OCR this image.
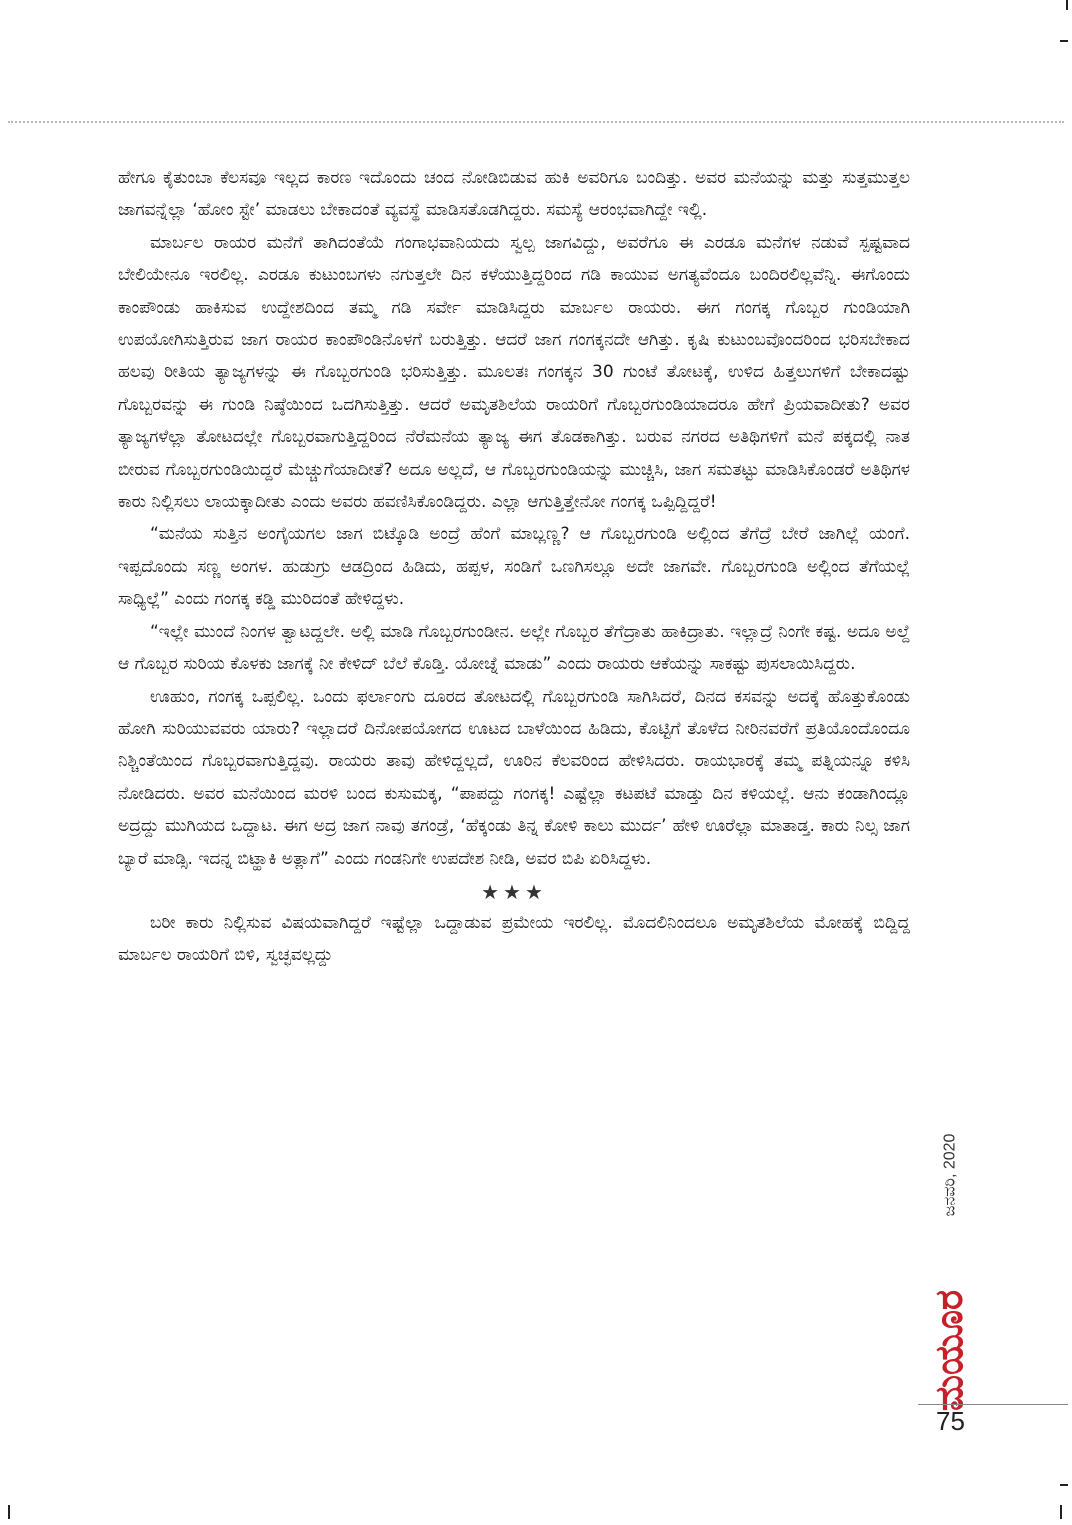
ಹೇಗೂ ಕೈತುಂಬಾ ಕೆಲಸವೂ ಇಲ್ಲದ ಕಾರಣ ಇದೊಂದು ಚಂದ ನೋಡಿಬಿಡುವ ಹುಕಿ ಅವರಿಗೂ ಬಂದಿತ್ತು. ಅವರ ಮನೆಯನ್ನು ಮತ್ತು ಸುತ್ತಮುತ್ತಲ ಜಾಗವನ್ನೆಲ್ಲಾ ‘ಹೋಂ ಸ್ಟೇ’ ಮಾಡಲು ಬೇಕಾದಂತೆ ವ್ಯವಸ್ಥೆ ಮಾಡಿಸತೊಡಗಿದ್ದರು. ಸಮಸ್ಯೆ ಆರಂಭವಾಗಿದ್ದೇ ಇಲ್ಲಿ.

ಮಾರ್ಬಲ ರಾಯರ ಮನೆಗೆ ತಾಗಿದಂತೆಯೆ ಗಂಗಾಭವಾನಿಯದು ಸ್ವಲ್ಪ ಜಾಗವಿದ್ದು, ಅವರೆಗೂ ಈ ಎರಡೂ ಮನೆಗಳ ನಡುವೆ ಸ್ಪಷ್ಟವಾದ ಬೇಲಿಯೇನೂ ಇರಲಿಲ್ಲ. ಎರಡೂ ಕುಟುಂಬಗಳು ನಗುತ್ತಲೇ ದಿನ ಕಳೆಯುತ್ತಿದ್ದರಿಂದ ಗಡಿ ಕಾಯುವ ಅಗತ್ಯವೆಂದೂ ಬಂದಿರಲಿಲ್ಲವೆನ್ನಿ. ಈಗೊಂದು ಕಾಂಪೌಂಡು ಹಾಕಿಸುವ ಉದ್ದೇಶದಿಂದ ತಮ್ಮ ಗಡಿ ಸರ್ವೇ ಮಾಡಿಸಿದ್ದರು ಮಾರ್ಬಲ ರಾಯರು. ಈಗ ಗಂಗಕ್ಕ ಗೊಬ್ಬರ ಗುಂಡಿಯಾಗಿ ಉಪಯೋಗಿಸುತ್ತಿರುವ ಜಾಗ ರಾಯರ ಕಾಂಪೌಂಡಿನೊಳಗೆ ಬರುತ್ತಿತ್ತು. ಆದರೆ ಜಾಗ ಗಂಗಕ್ಕನದೇ ಆಗಿತ್ತು. ಕೃಷಿ ಕುಟುಂಬವೊಂದರಿಂದ ಭರಿಸಬೇಕಾದ ಹಲವು ರೀತಿಯ ತ್ಯಾಜ್ಯಗಳನ್ನು ಈ ಗೊಬ್ಬರಗುಂಡಿ ಭರಿಸುತ್ತಿತ್ತು. ಮೂಲತಃ ಗಂಗಕ್ಕನ 30 ಗುಂಟೆ ತೋಟಕ್ಕೆ, ಉಳಿದ ಹಿತ್ತಲುಗಳಿಗೆ ಬೇಕಾದಷ್ಟು ಗೊಬ್ಬರವನ್ನು ಈ ಗುಂಡಿ ನಿಷ್ಠೆಯಿಂದ ಒದಗಿಸುತ್ತಿತ್ತು. ಆದರೆ ಅಮೃತಶಿಲೆಯ ರಾಯರಿಗೆ ಗೊಬ್ಬರಗುಂಡಿಯಾದರೂ ಹೇಗೆ ಪ್ರಿಯವಾದೀತು? ಅವರ ತ್ಯಾಜ್ಯಗಳೆಲ್ಲಾ ತೋಟದಲ್ಲೇ ಗೊಬ್ಬರವಾಗುತ್ತಿದ್ದರಿಂದ ನೆರೆಮನೆಯ ತ್ಯಾಜ್ಯ ಈಗ ತೊಡಕಾಗಿತ್ತು. ಬರುವ ನಗರದ ಅತಿಥಿಗಳಿಗೆ ಮನೆ ಪಕ್ಕದಲ್ಲಿ ನಾತ ಬೀರುವ ಗೊಬ್ಬರಗುಂಡಿಯಿದ್ದರೆ ಮೆಚ್ಚುಗೆಯಾದೀತೆ? ಅದೂ ಅಲ್ಲದೆ, ಆ ಗೊಬ್ಬರಗುಂಡಿಯನ್ನು ಮುಚ್ಚಿಸಿ, ಜಾಗ ಸಮತಟ್ಟು ಮಾಡಿಸಿಕೊಂಡರೆ ಅತಿಥಿಗಳ ಕಾರು ನಿಲ್ಲಿಸಲು ಲಾಯಕ್ಕಾದೀತು ಎಂದು ಅವರು ಹವಣಿಸಿಕೊಂಡಿದ್ದರು. ಎಲ್ಲಾ ಆಗುತ್ತಿತ್ತೇನೋ ಗಂಗಕ್ಕ ಒಪ್ಪಿದ್ದಿದ್ದರೆ!

“ಮನೆಯ ಸುತ್ತಿನ ಅಂಗೈಯಗಲ ಜಾಗ ಬಿಟ್ಕೊಡಿ ಅಂದ್ರೆ ಹೆಂಗೆ ಮಾಬ್ಲಣ್ಣ? ಆ ಗೊಬ್ಬರಗುಂಡಿ ಅಲ್ಲಿಂದ ತೆಗೆದ್ರೆ ಬೇರೆ ಜಾಗಿಲ್ಲೆ ಯಂಗೆ. ಇಪ್ಪದೊಂದು ಸಣ್ಣ ಅಂಗಳ. ಹುಡುಗ್ರು ಆಡದ್ರಿಂದ ಹಿಡಿದು, ಹಪ್ಪಳ, ಸಂಡಿಗೆ ಒಣಗಿಸಲ್ಲೂ ಅದೇ ಜಾಗವೇ. ಗೊಬ್ಬರಗುಂಡಿ ಅಲ್ಲಿಂದ ತೆಗೆಯಲ್ಲೆ ಸಾಧ್ಯಿಲ್ಲೆ” ಎಂದು ಗಂಗಕ್ಕ ಕಡ್ಡಿ ಮುರಿದಂತೆ ಹೇಳಿದ್ದಳು.

“ಇಲ್ಲೇ ಮುಂದೆ ನಿಂಗಳ ತ್ವಾಟದ್ದಲೇ. ಅಲ್ಲಿ ಮಾಡಿ ಗೊಬ್ಬರಗುಂಡೀನ. ಅಲ್ಲೇ ಗೊಬ್ಬರ ತೆಗೆದ್ರಾತು ಹಾಕಿದ್ರಾತು. ಇಲ್ಲಾದ್ರೆ ನಿಂಗೇ ಕಷ್ಟ. ಅದೂ ಅಲ್ದೆ ಆ ಗೊಬ್ಬರ ಸುರಿಯ ಕೊಳಕು ಜಾಗಕ್ಕೆ ನೀ ಕೇಳಿದ್ ಬೆಲೆ ಕೊಡ್ತಿ. ಯೋಚ್ನೆ ಮಾಡು” ಎಂದು ರಾಯರು ಆಕೆಯನ್ನು ಸಾಕಷ್ಟು ಪುಸಲಾಯಿಸಿದ್ದರು.

ಊಹುಂ, ಗಂಗಕ್ಕ ಒಪ್ಪಲಿಲ್ಲ. ಒಂದು ಫರ್ಲಾಂಗು ದೂರದ ತೋಟದಲ್ಲಿ ಗೊಬ್ಬರಗುಂಡಿ ಸಾಗಿಸಿದರೆ, ದಿನದ ಕಸವನ್ನು ಅದಕ್ಕೆ ಹೊತ್ತುಕೊಂಡು ಹೋಗಿ ಸುರಿಯುವವರು ಯಾರು? ಇಲ್ಲಾದರೆ ದಿನೋಪಯೋಗದ ಊಟದ ಬಾಳೆಯಿಂದ ಹಿಡಿದು, ಕೊಟ್ಟಿಗೆ ತೊಳೆದ ನೀರಿನವರೆಗೆ ಪ್ರತಿಯೊಂದೊಂದೂ ನಿಶ್ಚಿಂತೆಯಿಂದ ಗೊಬ್ಬರವಾಗುತ್ತಿದ್ದವು. ರಾಯರು ತಾವು ಹೇಳಿದ್ದಲ್ಲದೆ, ಊರಿನ ಕೆಲವರಿಂದ ಹೇಳಿಸಿದರು. ರಾಯಭಾರಕ್ಕೆ ತಮ್ಮ ಪತ್ನಿಯನ್ನೂ ಕಳಿಸಿ ನೋಡಿದರು. ಅವರ ಮನೆಯಿಂದ ಮರಳಿ ಬಂದ ಕುಸುಮಕ್ಕ, “ಪಾಪದ್ದು ಗಂಗಕ್ಕ! ಎಷ್ಟೆಲ್ಲಾ ಕಟಪಟೆ ಮಾಡ್ತು ದಿನ ಕಳಿಯಲ್ಲೆ. ಆನು ಕಂಡಾಗಿಂದ್ಲೂ ಅದ್ರದ್ದು ಮುಗಿಯದ ಒದ್ದಾಟ. ಈಗ ಅದ್ರ ಜಾಗ ನಾವು ತಗಂಡ್ರೆ, ‘ಹೆಕ್ಕಂಡು ತಿನ್ನ ಕೋಳಿ ಕಾಲು ಮುರ್ದ’ ಹೇಳಿ ಊರೆಲ್ಲಾ ಮಾತಾಡ್ತ. ಕಾರು ನಿಲ್ಸ ಜಾಗ ಬ್ಯಾರೆ ಮಾಡ್ಸಿ. ಇದನ್ನ ಬಿಟ್ಹಾಕಿ ಅತ್ಲಾಗೆ” ಎಂದು ಗಂಡನಿಗೇ ಉಪದೇಶ ನೀಡಿ, ಅವರ ಬಿಪಿ ಏರಿಸಿದ್ದಳು.

★★★

ಬರೀ ಕಾರು ನಿಲ್ಲಿಸುವ ವಿಷಯವಾಗಿದ್ದರೆ ಇಷ್ಟೆಲ್ಲಾ ಒದ್ದಾಡುವ ಪ್ರಮೇಯ ಇರಲಿಲ್ಲ. ಮೊದಲಿನಿಂದಲೂ ಅಮೃತಶಿಲೆಯ ಮೋಹಕ್ಕೆ ಬಿದ್ದಿದ್ದ ಮಾರ್ಬಲ ರಾಯರಿಗೆ ಬಿಳಿ, ಸ್ವಚ್ಛವಲ್ಲದ್ದು

ಜನವರಿ, 2020
ಮಯೂರ
75
